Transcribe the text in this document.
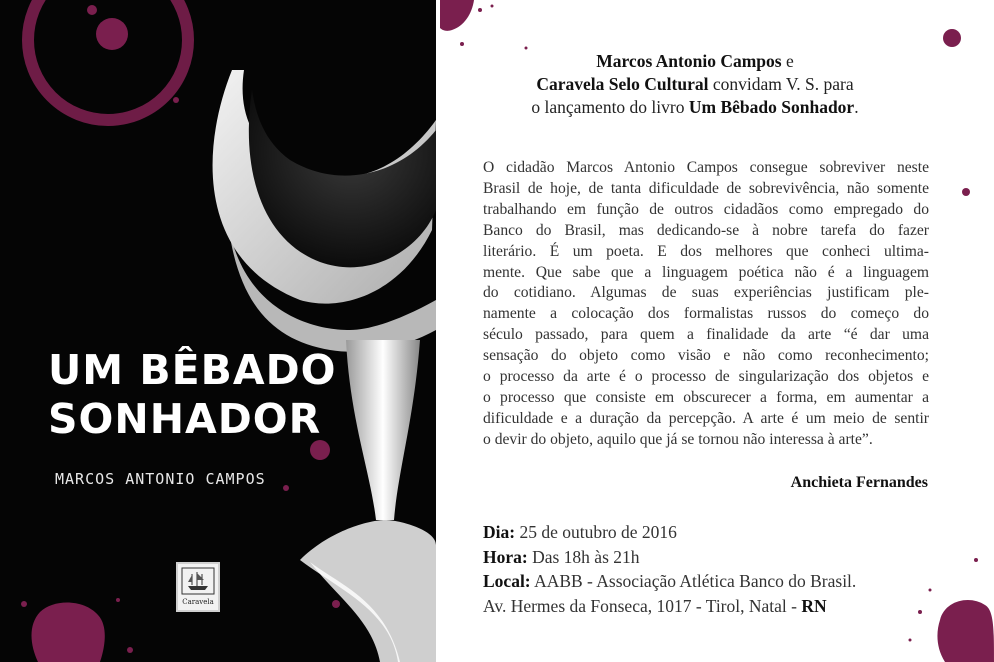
UM BÊBADO
SONHADOR
MARCOS ANTONIO CAMPOS
Caravela
Marcos Antonio Campos e
Caravela Selo Cultural convidam V. S. para
o lançamento do livro Um Bêbado Sonhador.
O cidadão Marcos Antonio Campos consegue sobreviver neste
Brasil de hoje, de tanta dificuldade de sobrevivência, não somente
trabalhando em função de outros cidadãos como empregado do
Banco do Brasil, mas dedicando-se à nobre tarefa do fazer
literário. É um poeta. E dos melhores que conheci ultima-
mente. Que sabe que a linguagem poética não é a linguagem
do cotidiano. Algumas de suas experiências justificam ple-
namente a colocação dos formalistas russos do começo do
século passado, para quem a finalidade da arte “é dar uma
sensação do objeto como visão e não como reconhecimento;
o processo da arte é o processo de singularização dos objetos e
o processo que consiste em obscurecer a forma, em aumentar a
dificuldade e a duração da percepção. A arte é um meio de sentir
o devir do objeto, aquilo que já se tornou não interessa à arte”.
Anchieta Fernandes
Dia: 25 de outubro de 2016
Hora: Das 18h às 21h
Local: AABB - Associação Atlética Banco do Brasil.
Av. Hermes da Fonseca, 1017 - Tirol, Natal - RN
